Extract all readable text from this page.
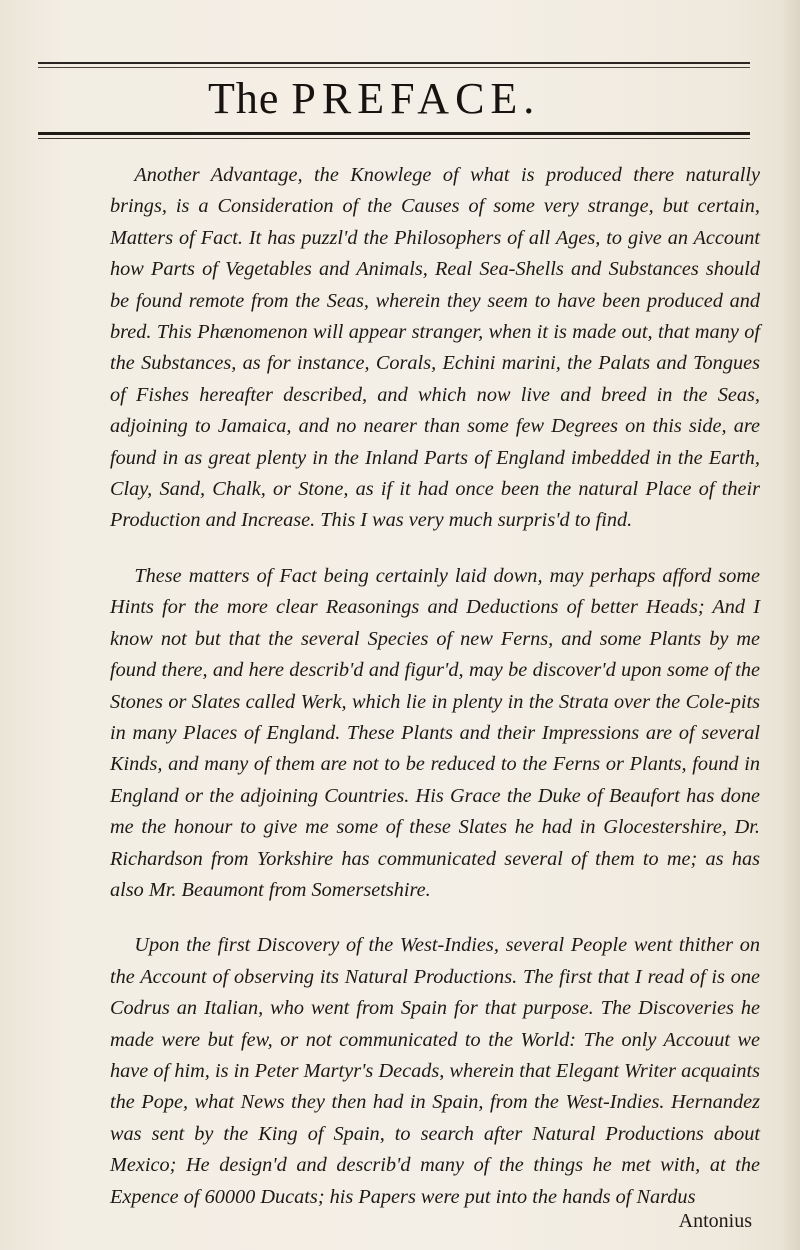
The PREFACE.

Another Advantage, the Knowlege of what is produced there naturally brings, is a Consideration of the Causes of some very strange, but certain, Matters of Fact. It has puzzl'd the Philosophers of all Ages, to give an Account how Parts of Vegetables and Animals, Real Sea-Shells and Substances should be found remote from the Seas, wherein they seem to have been produced and bred. This Phænomenon will appear stranger, when it is made out, that many of the Substances, as for instance, Corals, Echini marini, the Palats and Tongues of Fishes hereafter described, and which now live and breed in the Seas, adjoining to Jamaica, and no nearer than some few Degrees on this side, are found in as great plenty in the Inland Parts of England imbedded in the Earth, Clay, Sand, Chalk, or Stone, as if it had once been the natural Place of their Production and Increase. This I was very much surpris'd to find.

These matters of Fact being certainly laid down, may perhaps afford some Hints for the more clear Reasonings and Deductions of better Heads; And I know not but that the several Species of new Ferns, and some Plants by me found there, and here describ'd and figur'd, may be discover'd upon some of the Stones or Slates called Werk, which lie in plenty in the Strata over the Cole-pits in many Places of England. These Plants and their Impressions are of several Kinds, and many of them are not to be reduced to the Ferns or Plants, found in England or the adjoining Countries. His Grace the Duke of Beaufort has done me the honour to give me some of these Slates he had in Glocestershire, Dr. Richardson from Yorkshire has communicated several of them to me; as has also Mr. Beaumont from Somersetshire.

Upon the first Discovery of the West-Indies, several People went thither on the Account of observing its Natural Productions. The first that I read of is one Codrus an Italian, who went from Spain for that purpose. The Discoveries he made were but few, or not communicated to the World: The only Accouut we have of him, is in Peter Martyr's Decads, wherein that Elegant Writer acquaints the Pope, what News they then had in Spain, from the West-Indies. Hernandez was sent by the King of Spain, to search after Natural Productions about Mexico; He design'd and describ'd many of the things he met with, at the Expence of 60000 Ducats; his Papers were put into the hands of Nardus

Antonius
